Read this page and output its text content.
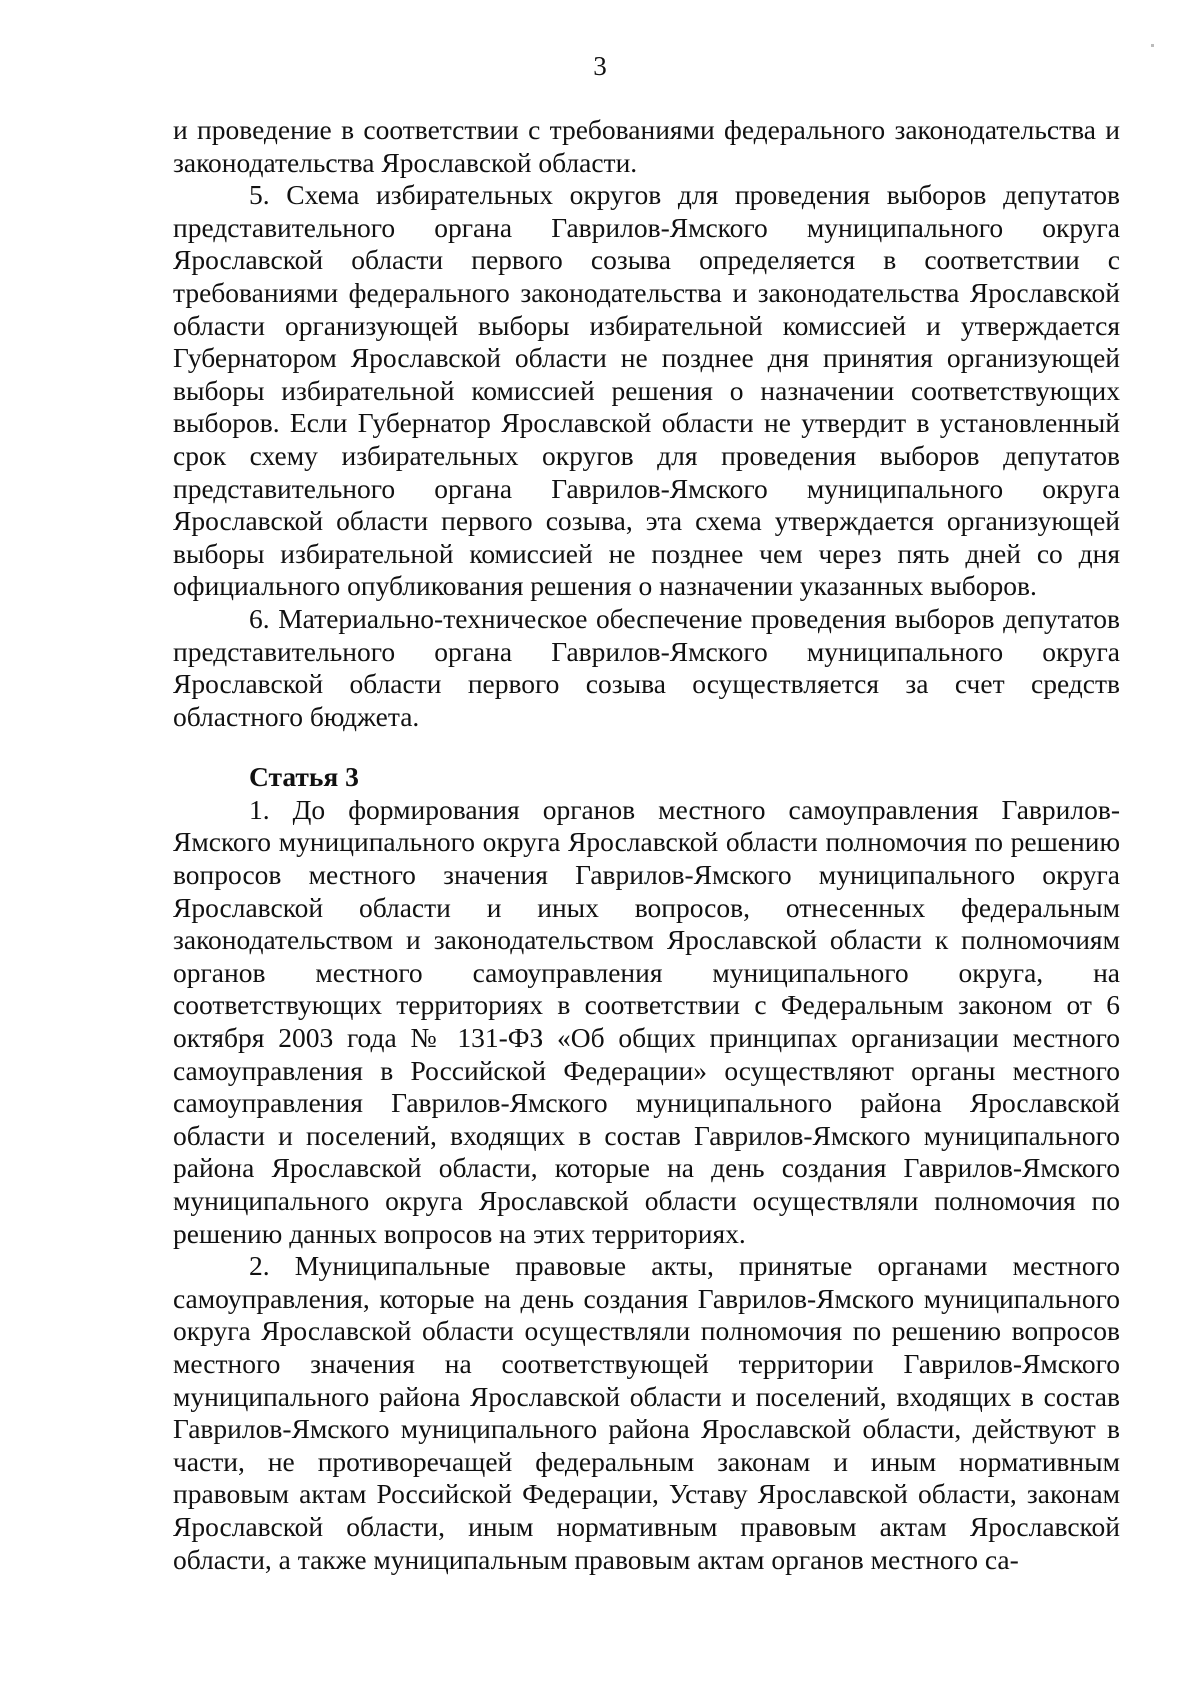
3

и проведение в соответствии с требованиями федерального законодательства и законодательства Ярославской области.

5. Схема избирательных округов для проведения выборов депутатов представительного органа Гаврилов-Ямского муниципального округа Ярославской области первого созыва определяется в соответствии с требованиями федерального законодательства и законодательства Ярославской области организующей выборы избирательной комиссией и утверждается Губернатором Ярославской области не позднее дня принятия организующей выборы избирательной комиссией решения о назначении соответствующих выборов. Если Губернатор Ярославской области не утвердит в установленный срок схему избирательных округов для проведения выборов депутатов представительного органа Гаврилов-Ямского муниципального округа Ярославской области первого созыва, эта схема утверждается организующей выборы избирательной комиссией не позднее чем через пять дней со дня официального опубликования решения о назначении указанных выборов.

6. Материально-техническое обеспечение проведения выборов депутатов представительного органа Гаврилов-Ямского муниципального округа Ярославской области первого созыва осуществляется за счет средств областного бюджета.

Статья 3

1. До формирования органов местного самоуправления Гаврилов-Ямского муниципального округа Ярославской области полномочия по решению вопросов местного значения Гаврилов-Ямского муниципального округа Ярославской области и иных вопросов, отнесенных федеральным законодательством и законодательством Ярославской области к полномочиям органов местного самоуправления муниципального округа, на соответствующих территориях в соответствии с Федеральным законом от 6 октября 2003 года № 131-ФЗ «Об общих принципах организации местного самоуправления в Российской Федерации» осуществляют органы местного самоуправления Гаврилов-Ямского муниципального района Ярославской области и поселений, входящих в состав Гаврилов-Ямского муниципального района Ярославской области, которые на день создания Гаврилов-Ямского муниципального округа Ярославской области осуществляли полномочия по решению данных вопросов на этих территориях.

2. Муниципальные правовые акты, принятые органами местного самоуправления, которые на день создания Гаврилов-Ямского муниципального округа Ярославской области осуществляли полномочия по решению вопросов местного значения на соответствующей территории Гаврилов-Ямского муниципального района Ярославской области и поселений, входящих в состав Гаврилов-Ямского муниципального района Ярославской области, действуют в части, не противоречащей федеральным законам и иным нормативным правовым актам Российской Федерации, Уставу Ярославской области, законам Ярославской области, иным нормативным правовым актам Ярославской области, а также муниципальным правовым актам органов местного са-
